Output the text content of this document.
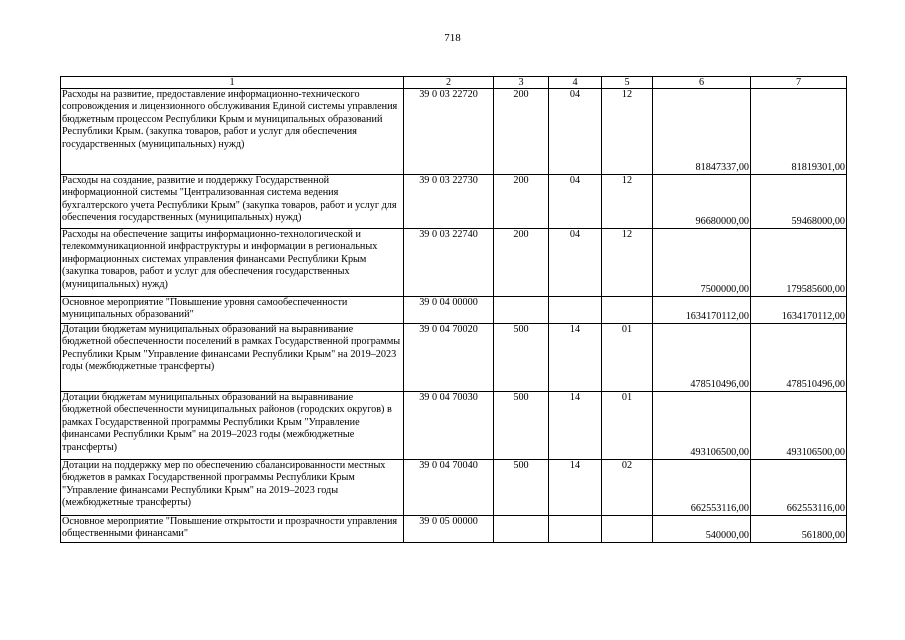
718
1	2	3	4	5	6	7
Расходы на развитие, предоставление информационно-технического сопровождения и лицензионного обслуживания Единой системы управления бюджетным процессом Республики Крым и муниципальных образований Республики Крым. (закупка товаров, работ и услуг для обеспечения государственных (муниципальных) нужд)	39 0 03 22720	200	04	12	81847337,00	81819301,00
Расходы на создание, развитие и поддержку Государственной информационной системы "Централизованная система ведения бухгалтерского учета Республики Крым" (закупка товаров, работ и услуг для обеспечения государственных (муниципальных) нужд)	39 0 03 22730	200	04	12	96680000,00	59468000,00
Расходы на обеспечение защиты информационно-технологической и телекоммуникационной инфраструктуры и информации в региональных информационных системах управления финансами Республики Крым (закупка товаров, работ и услуг для обеспечения государственных (муниципальных) нужд)	39 0 03 22740	200	04	12	7500000,00	179585600,00
Основное мероприятие "Повышение уровня самообеспеченности муниципальных образований"	39 0 04 00000				1634170112,00	1634170112,00
Дотации бюджетам муниципальных образований на выравнивание бюджетной обеспеченности поселений в рамках Государственной программы Республики Крым "Управление финансами Республики Крым" на 2019–2023 годы (межбюджетные трансферты)	39 0 04 70020	500	14	01	478510496,00	478510496,00
Дотации бюджетам муниципальных образований на выравнивание бюджетной обеспеченности муниципальных районов (городских округов) в рамках Государственной программы Республики Крым "Управление финансами Республики Крым" на 2019–2023 годы (межбюджетные трансферты)	39 0 04 70030	500	14	01	493106500,00	493106500,00
Дотации на поддержку мер по обеспечению сбалансированности местных бюджетов в рамках Государственной программы Республики Крым "Управление финансами Республики Крым" на 2019–2023 годы (межбюджетные трансферты)	39 0 04 70040	500	14	02	662553116,00	662553116,00
Основное мероприятие "Повышение открытости и прозрачности управления общественными финансами"	39 0 05 00000				540000,00	561800,00
